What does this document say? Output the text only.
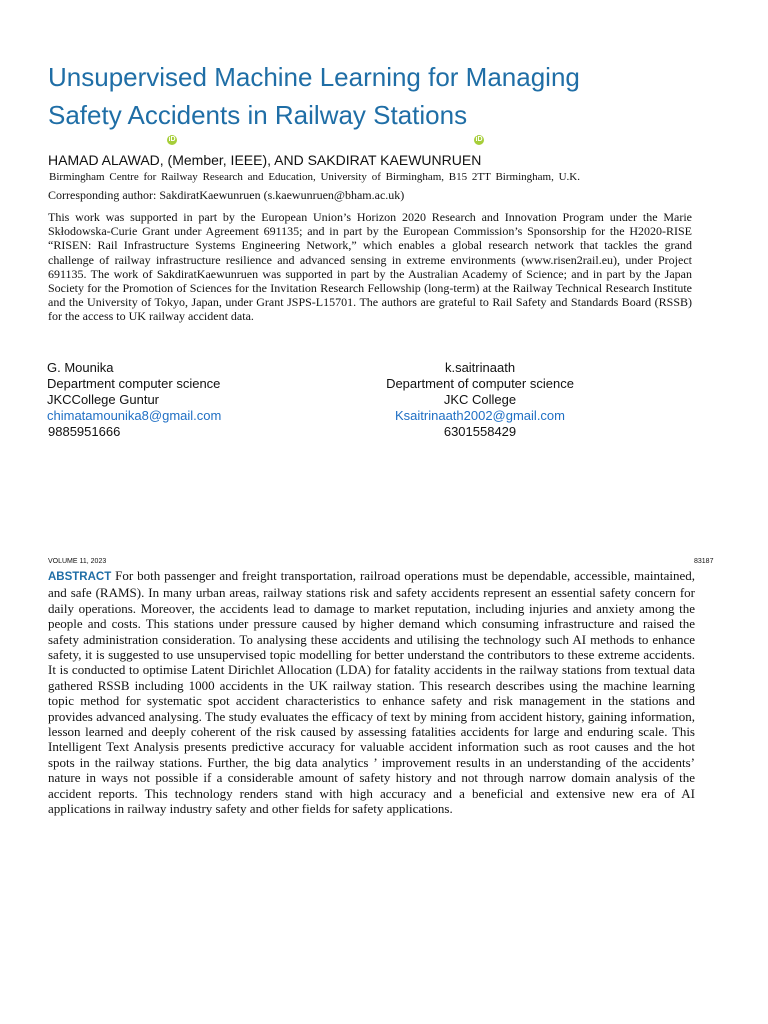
Unsupervised Machine Learning for Managing
Safety Accidents in Railway Stations
iD	iD
HAMAD ALAWAD, (Member, IEEE), AND SAKDIRAT KAEWUNRUEN
Birmingham Centre for Railway Research and Education, University of Birmingham, B15 2TT Birmingham, U.K.
Corresponding author: SakdiratKaewunruen (s.kaewunruen@bham.ac.uk)

This work was supported in part by the European Union’s Horizon 2020 Research and Innovation Program under the Marie Skłodowska-Curie Grant under Agreement 691135; and in part by the European Commission’s Sponsorship for the H2020-RISE “RISEN: Rail Infrastructure Systems Engineering Network,” which enables a global research network that tackles the grand challenge of railway infrastructure resilience and advanced sensing in extreme environments (www.risen2rail.eu), under Project 691135. The work of SakdiratKaewunruen was supported in part by the Australian Academy of Science; and in part by the Japan Society for the Promotion of Sciences for the Invitation Research Fellowship (long-term) at the Railway Technical Research Institute and the University of Tokyo, Japan, under Grant JSPS-L15701. The authors are grateful to Rail Safety and Standards Board (RSSB) for the access to UK railway accident data.

G. Mounika
Department computer science
JKCCollege Guntur
chimatamounika8@gmail.com
9885951666
k.saitrinaath
Department of computer science
JKC College
Ksaitrinaath2002@gmail.com
6301558429
VOLUME 11, 2023	83187

ABSTRACT For both passenger and freight transportation, railroad operations must be dependable, accessible, maintained, and safe (RAMS). In many urban areas, railway stations risk and safety accidents represent an essential safety concern for daily operations. Moreover, the accidents lead to damage to market reputation, including injuries and anxiety among the people and costs. This stations under pressure caused by higher demand which consuming infrastructure and raised the safety administration consideration. To analysing these accidents and utilising the technology such AI methods to enhance safety, it is suggested to use unsupervised topic modelling for better understand the contributors to these extreme accidents. It is conducted to optimise Latent Dirichlet Allocation (LDA) for fatality accidents in the railway stations from textual data gathered RSSB including 1000 accidents in the UK railway station. This research describes using the machine learning topic method for systematic spot accident characteristics to enhance safety and risk management in the stations and provides advanced analysing. The study evaluates the efficacy of text by mining from accident history, gaining information, lesson learned and deeply coherent of the risk caused by assessing fatalities accidents for large and enduring scale. This Intelligent Text Analysis presents predictive accuracy for valuable accident information such as root causes and the hot spots in the railway stations. Further, the big data analytics ’ improvement results in an understanding of the accidents’ nature in ways not possible if a considerable amount of safety history and not through narrow domain analysis of the accident reports. This technology renders stand with high accuracy and a beneficial and extensive new era of AI applications in railway industry safety and other fields for safety applications.
